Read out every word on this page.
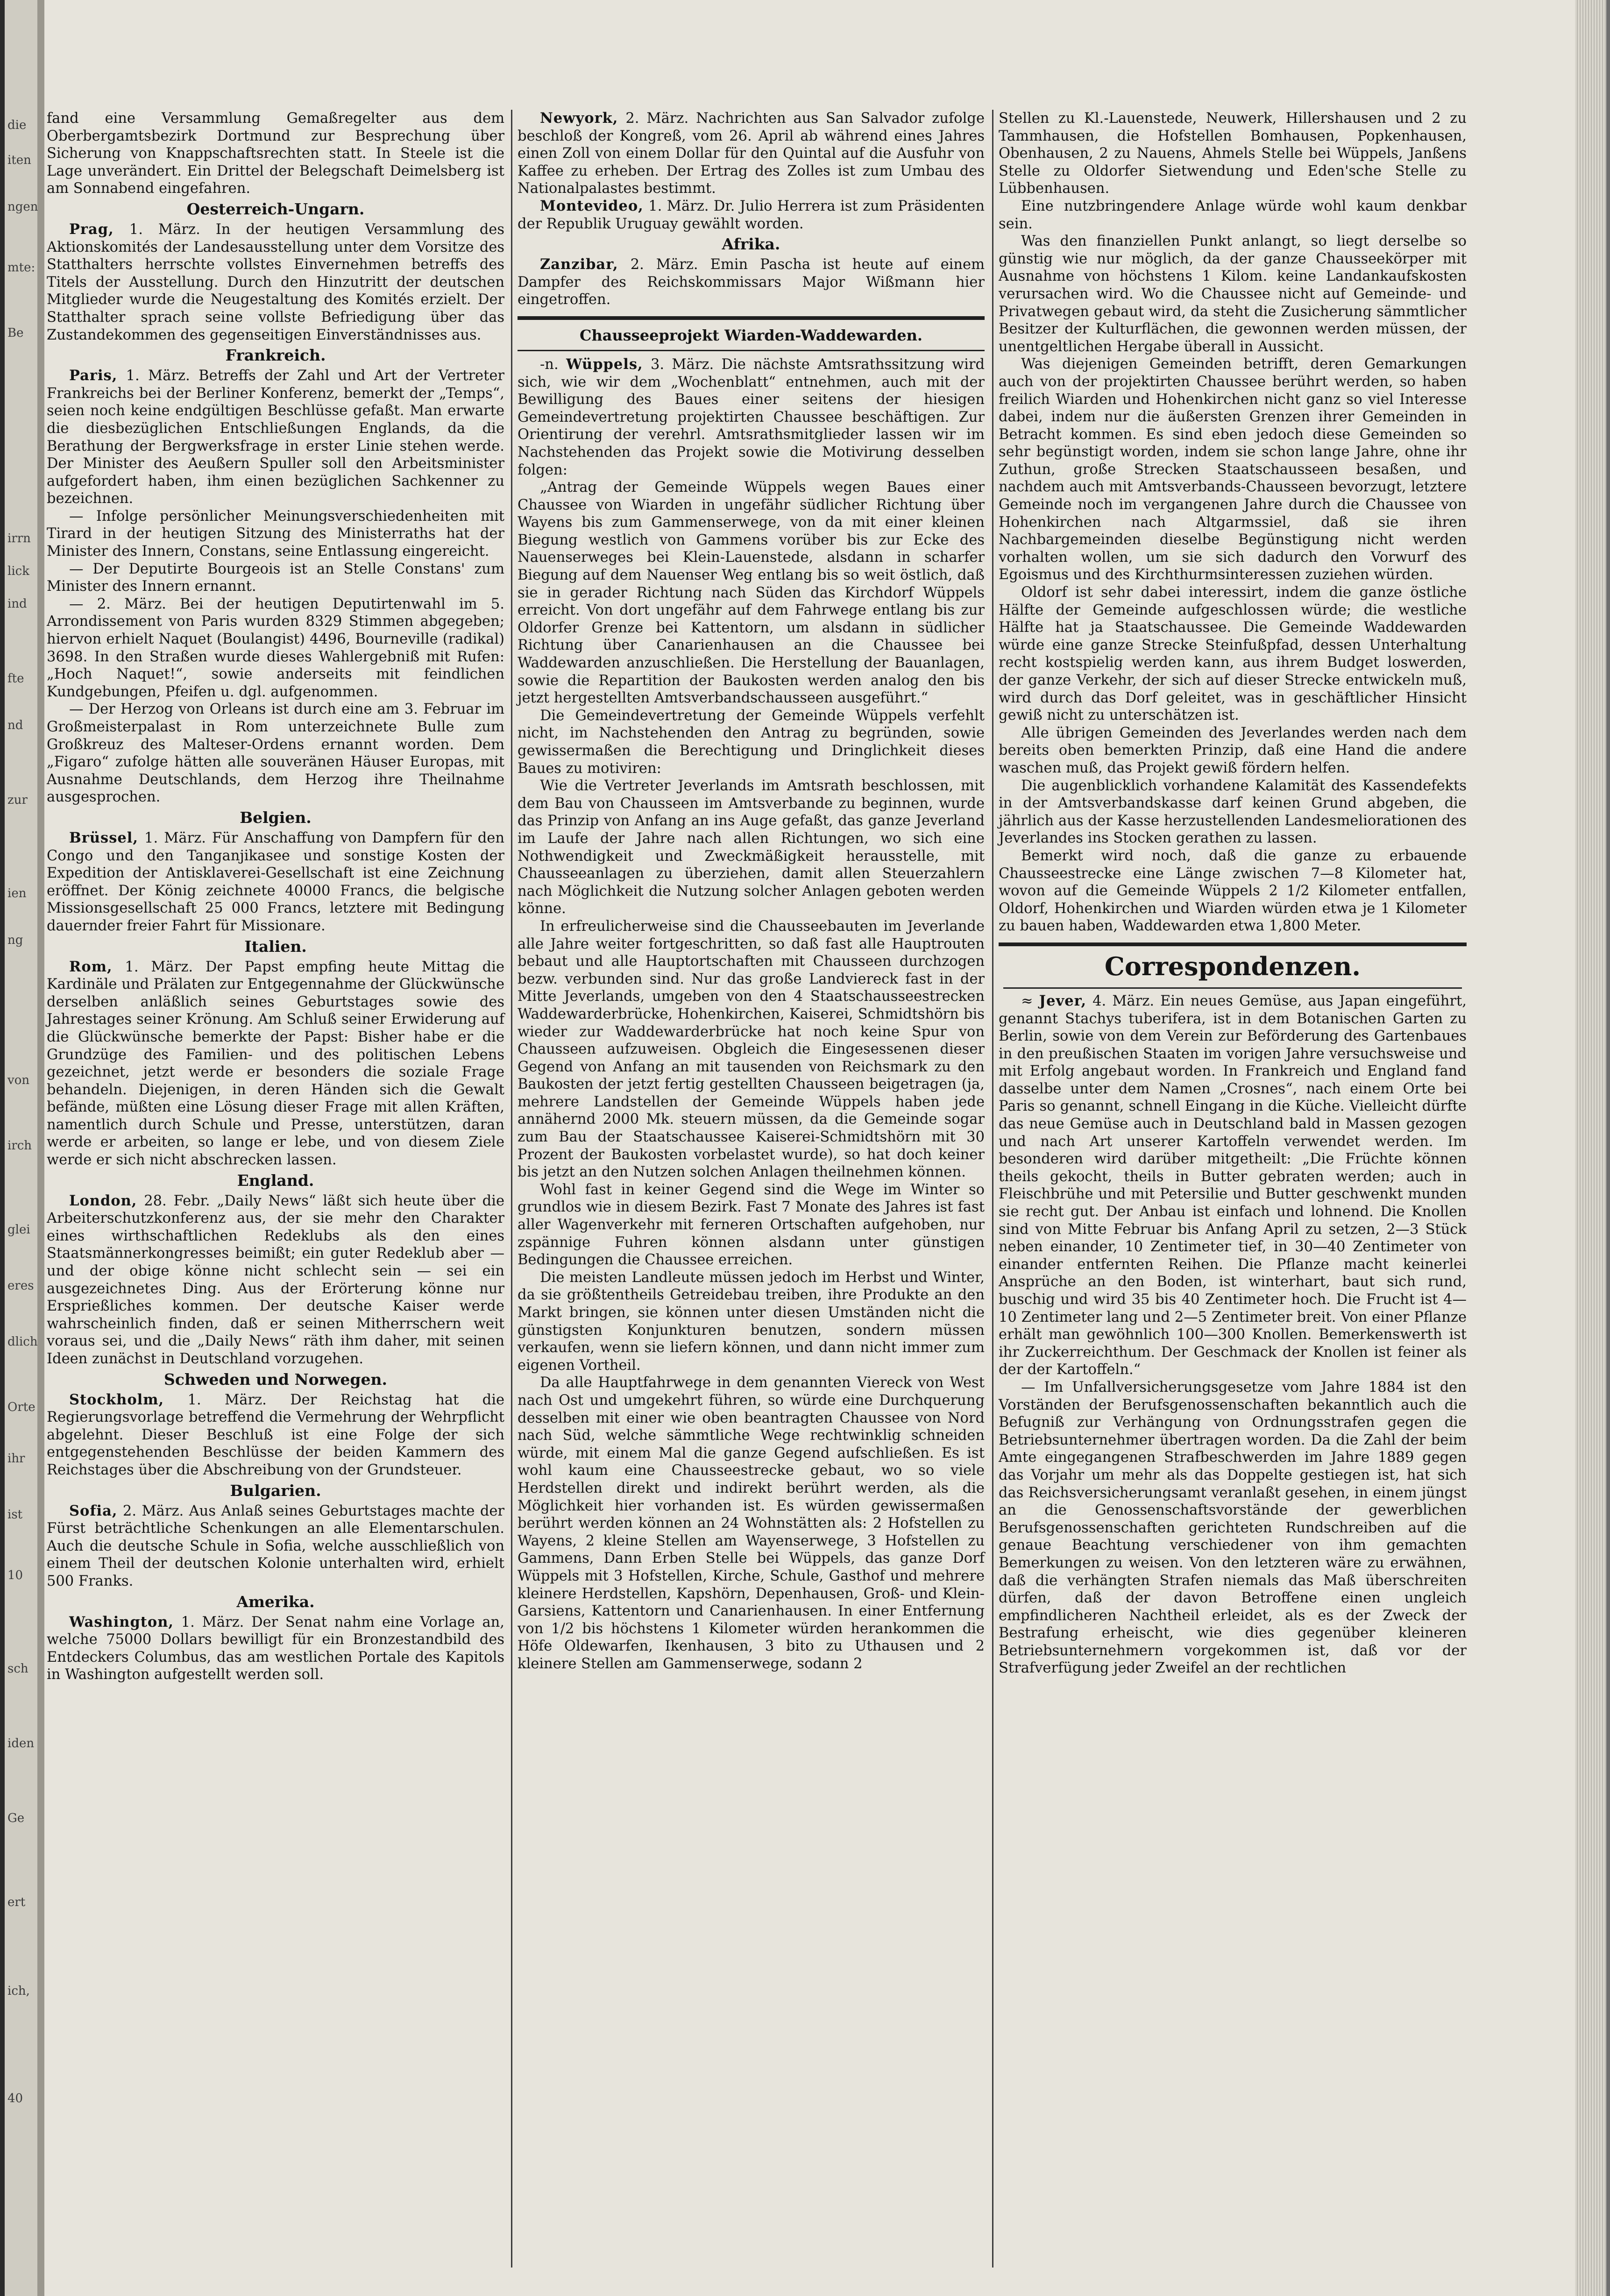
die
iten
ngen
mte:
Be
irrn
lick
ind
fte
nd
zur
ien
ng
von
irch
glei
eres
dlich
Orte
ihr
ist
10
sch
iden
Ge
ert
ich,
40

fand eine Versammlung Gemaßregelter aus dem Oberbergamtsbezirk Dortmund zur Besprechung über Sicherung von Knappschaftsrechten statt. In Steele ist die Lage unverändert. Ein Drittel der Belegschaft Deimelsberg ist am Sonnabend eingefahren.

Oesterreich-Ungarn.

Prag, 1. März. In der heutigen Versammlung des Aktionskomités der Landesausstellung unter dem Vorsitze des Statthalters herrschte vollstes Einvernehmen betreffs des Titels der Ausstellung. Durch den Hinzutritt der deutschen Mitglieder wurde die Neugestaltung des Komités erzielt. Der Statthalter sprach seine vollste Befriedigung über das Zustandekommen des gegenseitigen Einverständnisses aus.

Frankreich.

Paris, 1. März. Betreffs der Zahl und Art der Vertreter Frankreichs bei der Berliner Konferenz, bemerkt der „Temps“, seien noch keine endgültigen Beschlüsse gefaßt. Man erwarte die diesbezüglichen Entschließungen Englands, da die Berathung der Bergwerksfrage in erster Linie stehen werde. Der Minister des Aeußern Spuller soll den Arbeitsminister aufgefordert haben, ihm einen bezüglichen Sachkenner zu bezeichnen.

— Infolge persönlicher Meinungsverschiedenheiten mit Tirard in der heutigen Sitzung des Ministerraths hat der Minister des Innern, Constans, seine Entlassung eingereicht.

— Der Deputirte Bourgeois ist an Stelle Constans' zum Minister des Innern ernannt.

— 2. März. Bei der heutigen Deputirtenwahl im 5. Arrondissement von Paris wurden 8329 Stimmen abgegeben; hiervon erhielt Naquet (Boulangist) 4496, Bourneville (radikal) 3698. In den Straßen wurde dieses Wahlergebniß mit Rufen: „Hoch Naquet!“, sowie anderseits mit feindlichen Kundgebungen, Pfeifen u. dgl. aufgenommen.

— Der Herzog von Orleans ist durch eine am 3. Februar im Großmeisterpalast in Rom unterzeichnete Bulle zum Großkreuz des Malteser-Ordens ernannt worden. Dem „Figaro“ zufolge hätten alle souveränen Häuser Europas, mit Ausnahme Deutschlands, dem Herzog ihre Theilnahme ausgesprochen.

Belgien.

Brüssel, 1. März. Für Anschaffung von Dampfern für den Congo und den Tanganjikasee und sonstige Kosten der Expedition der Antisklaverei-Gesellschaft ist eine Zeichnung eröffnet. Der König zeichnete 40000 Francs, die belgische Missionsgesellschaft 25 000 Francs, letztere mit Bedingung dauernder freier Fahrt für Missionare.

Italien.

Rom, 1. März. Der Papst empfing heute Mittag die Kardinäle und Prälaten zur Entgegennahme der Glückwünsche derselben anläßlich seines Geburtstages sowie des Jahrestages seiner Krönung. Am Schluß seiner Erwiderung auf die Glückwünsche bemerkte der Papst: Bisher habe er die Grundzüge des Familien- und des politischen Lebens gezeichnet, jetzt werde er besonders die soziale Frage behandeln. Diejenigen, in deren Händen sich die Gewalt befände, müßten eine Lösung dieser Frage mit allen Kräften, namentlich durch Schule und Presse, unterstützen, daran werde er arbeiten, so lange er lebe, und von diesem Ziele werde er sich nicht abschrecken lassen.

England.

London, 28. Febr. „Daily News“ läßt sich heute über die Arbeiterschutzkonferenz aus, der sie mehr den Charakter eines wirthschaftlichen Redeklubs als den eines Staatsmännerkongresses beimißt; ein guter Redeklub aber — und der obige könne nicht schlecht sein — sei ein ausgezeichnetes Ding. Aus der Erörterung könne nur Ersprießliches kommen. Der deutsche Kaiser werde wahrscheinlich finden, daß er seinen Mitherrschern weit voraus sei, und die „Daily News“ räth ihm daher, mit seinen Ideen zunächst in Deutschland vorzugehen.

Schweden und Norwegen.

Stockholm, 1. März. Der Reichstag hat die Regierungsvorlage betreffend die Vermehrung der Wehrpflicht abgelehnt. Dieser Beschluß ist eine Folge der sich entgegenstehenden Beschlüsse der beiden Kammern des Reichstages über die Abschreibung von der Grundsteuer.

Bulgarien.

Sofia, 2. März. Aus Anlaß seines Geburtstages machte der Fürst beträchtliche Schenkungen an alle Elementarschulen. Auch die deutsche Schule in Sofia, welche ausschließlich von einem Theil der deutschen Kolonie unterhalten wird, erhielt 500 Franks.

Amerika.

Washington, 1. März. Der Senat nahm eine Vorlage an, welche 75000 Dollars bewilligt für ein Bronzestandbild des Entdeckers Columbus, das am westlichen Portale des Kapitols in Washington aufgestellt werden soll.

Newyork, 2. März. Nachrichten aus San Salvador zufolge beschloß der Kongreß, vom 26. April ab während eines Jahres einen Zoll von einem Dollar für den Quintal auf die Ausfuhr von Kaffee zu erheben. Der Ertrag des Zolles ist zum Umbau des Nationalpalastes bestimmt.

Montevideo, 1. März. Dr. Julio Herrera ist zum Präsidenten der Republik Uruguay gewählt worden.

Afrika.

Zanzibar, 2. März. Emin Pascha ist heute auf einem Dampfer des Reichskommissars Major Wißmann hier eingetroffen.

Chausseeprojekt Wiarden-Waddewarden.

-n. Wüppels, 3. März. Die nächste Amtsrathssitzung wird sich, wie wir dem „Wochenblatt“ entnehmen, auch mit der Bewilligung des Baues einer seitens der hiesigen Gemeindevertretung projektirten Chaussee beschäftigen. Zur Orientirung der verehrl. Amtsrathsmitglieder lassen wir im Nachstehenden das Projekt sowie die Motivirung desselben folgen:

„Antrag der Gemeinde Wüppels wegen Baues einer Chaussee von Wiarden in ungefähr südlicher Richtung über Wayens bis zum Gammenserwege, von da mit einer kleinen Biegung westlich von Gammens vorüber bis zur Ecke des Nauenserweges bei Klein-Lauenstede, alsdann in scharfer Biegung auf dem Nauenser Weg entlang bis so weit östlich, daß sie in gerader Richtung nach Süden das Kirchdorf Wüppels erreicht. Von dort ungefähr auf dem Fahrwege entlang bis zur Oldorfer Grenze bei Kattentorn, um alsdann in südlicher Richtung über Canarienhausen an die Chaussee bei Waddewarden anzuschließen. Die Herstellung der Bauanlagen, sowie die Repartition der Baukosten werden analog den bis jetzt hergestellten Amtsverbandschausseen ausgeführt.“

Die Gemeindevertretung der Gemeinde Wüppels verfehlt nicht, im Nachstehenden den Antrag zu begründen, sowie gewissermaßen die Berechtigung und Dringlichkeit dieses Baues zu motiviren:

Wie die Vertreter Jeverlands im Amtsrath beschlossen, mit dem Bau von Chausseen im Amtsverbande zu beginnen, wurde das Prinzip von Anfang an ins Auge gefaßt, das ganze Jeverland im Laufe der Jahre nach allen Richtungen, wo sich eine Nothwendigkeit und Zweckmäßigkeit herausstelle, mit Chausseeanlagen zu überziehen, damit allen Steuerzahlern nach Möglichkeit die Nutzung solcher Anlagen geboten werden könne.

In erfreulicherweise sind die Chausseebauten im Jeverlande alle Jahre weiter fortgeschritten, so daß fast alle Hauptrouten bebaut und alle Hauptortschaften mit Chausseen durchzogen bezw. verbunden sind. Nur das große Landviereck fast in der Mitte Jeverlands, umgeben von den 4 Staatschausseestrecken Waddewarderbrücke, Hohenkirchen, Kaiserei, Schmidtshörn bis wieder zur Waddewarderbrücke hat noch keine Spur von Chausseen aufzuweisen. Obgleich die Eingesessenen dieser Gegend von Anfang an mit tausenden von Reichsmark zu den Baukosten der jetzt fertig gestellten Chausseen beigetragen (ja, mehrere Landstellen der Gemeinde Wüppels haben jede annähernd 2000 Mk. steuern müssen, da die Gemeinde sogar zum Bau der Staatschaussee Kaiserei-Schmidtshörn mit 30 Prozent der Baukosten vorbelastet wurde), so hat doch keiner bis jetzt an den Nutzen solchen Anlagen theilnehmen können.

Wohl fast in keiner Gegend sind die Wege im Winter so grundlos wie in diesem Bezirk. Fast 7 Monate des Jahres ist fast aller Wagenverkehr mit ferneren Ortschaften aufgehoben, nur zspännige Fuhren können alsdann unter günstigen Bedingungen die Chaussee erreichen.

Die meisten Landleute müssen jedoch im Herbst und Winter, da sie größtentheils Getreidebau treiben, ihre Produkte an den Markt bringen, sie können unter diesen Umständen nicht die günstigsten Konjunkturen benutzen, sondern müssen verkaufen, wenn sie liefern können, und dann nicht immer zum eigenen Vortheil.

Da alle Hauptfahrwege in dem genannten Viereck von West nach Ost und umgekehrt führen, so würde eine Durchquerung desselben mit einer wie oben beantragten Chaussee von Nord nach Süd, welche sämmtliche Wege rechtwinklig schneiden würde, mit einem Mal die ganze Gegend aufschließen. Es ist wohl kaum eine Chausseestrecke gebaut, wo so viele Herdstellen direkt und indirekt berührt werden, als die Möglichkeit hier vorhanden ist. Es würden gewissermaßen berührt werden können an 24 Wohnstätten als: 2 Hofstellen zu Wayens, 2 kleine Stellen am Wayenserwege, 3 Hofstellen zu Gammens, Dann Erben Stelle bei Wüppels, das ganze Dorf Wüppels mit 3 Hofstellen, Kirche, Schule, Gasthof und mehrere kleinere Herdstellen, Kapshörn, Depenhausen, Groß- und Klein-Garsiens, Kattentorn und Canarienhausen. In einer Entfernung von 1/2 bis höchstens 1 Kilometer würden herankommen die Höfe Oldewarfen, Ikenhausen, 3 bito zu Uthausen und 2 kleinere Stellen am Gammenserwege, sodann 2

Stellen zu Kl.-Lauenstede, Neuwerk, Hillershausen und 2 zu Tammhausen, die Hofstellen Bomhausen, Popkenhausen, Obenhausen, 2 zu Nauens, Ahmels Stelle bei Wüppels, Janßens Stelle zu Oldorfer Sietwendung und Eden'sche Stelle zu Lübbenhausen.

Eine nutzbringendere Anlage würde wohl kaum denkbar sein.

Was den finanziellen Punkt anlangt, so liegt derselbe so günstig wie nur möglich, da der ganze Chausseekörper mit Ausnahme von höchstens 1 Kilom. keine Landankaufskosten verursachen wird. Wo die Chaussee nicht auf Gemeinde- und Privatwegen gebaut wird, da steht die Zusicherung sämmtlicher Besitzer der Kulturflächen, die gewonnen werden müssen, der unentgeltlichen Hergabe überall in Aussicht.

Was diejenigen Gemeinden betrifft, deren Gemarkungen auch von der projektirten Chaussee berührt werden, so haben freilich Wiarden und Hohenkirchen nicht ganz so viel Interesse dabei, indem nur die äußersten Grenzen ihrer Gemeinden in Betracht kommen. Es sind eben jedoch diese Gemeinden so sehr begünstigt worden, indem sie schon lange Jahre, ohne ihr Zuthun, große Strecken Staatschausseen besaßen, und nachdem auch mit Amtsverbands-Chausseen bevorzugt, letztere Gemeinde noch im vergangenen Jahre durch die Chaussee von Hohenkirchen nach Altgarmssiel, daß sie ihren Nachbargemeinden dieselbe Begünstigung nicht werden vorhalten wollen, um sie sich dadurch den Vorwurf des Egoismus und des Kirchthurmsinteressen zuziehen würden.

Oldorf ist sehr dabei interessirt, indem die ganze östliche Hälfte der Gemeinde aufgeschlossen würde; die westliche Hälfte hat ja Staatschaussee. Die Gemeinde Waddewarden würde eine ganze Strecke Steinfußpfad, dessen Unterhaltung recht kostspielig werden kann, aus ihrem Budget loswerden, der ganze Verkehr, der sich auf dieser Strecke entwickeln muß, wird durch das Dorf geleitet, was in geschäftlicher Hinsicht gewiß nicht zu unterschätzen ist.

Alle übrigen Gemeinden des Jeverlandes werden nach dem bereits oben bemerkten Prinzip, daß eine Hand die andere waschen muß, das Projekt gewiß fördern helfen.

Die augenblicklich vorhandene Kalamität des Kassendefekts in der Amtsverbandskasse darf keinen Grund abgeben, die jährlich aus der Kasse herzustellenden Landesmeliorationen des Jeverlandes ins Stocken gerathen zu lassen.

Bemerkt wird noch, daß die ganze zu erbauende Chausseestrecke eine Länge zwischen 7—8 Kilometer hat, wovon auf die Gemeinde Wüppels 2 1/2 Kilometer entfallen, Oldorf, Hohenkirchen und Wiarden würden etwa je 1 Kilometer zu bauen haben, Waddewarden etwa 1,800 Meter.

Correspondenzen.

≈ Jever, 4. März. Ein neues Gemüse, aus Japan eingeführt, genannt Stachys tuberifera, ist in dem Botanischen Garten zu Berlin, sowie von dem Verein zur Beförderung des Gartenbaues in den preußischen Staaten im vorigen Jahre versuchsweise und mit Erfolg angebaut worden. In Frankreich und England fand dasselbe unter dem Namen „Crosnes“, nach einem Orte bei Paris so genannt, schnell Eingang in die Küche. Vielleicht dürfte das neue Gemüse auch in Deutschland bald in Massen gezogen und nach Art unserer Kartoffeln verwendet werden. Im besonderen wird darüber mitgetheilt: „Die Früchte können theils gekocht, theils in Butter gebraten werden; auch in Fleischbrühe und mit Petersilie und Butter geschwenkt munden sie recht gut. Der Anbau ist einfach und lohnend. Die Knollen sind von Mitte Februar bis Anfang April zu setzen, 2—3 Stück neben einander, 10 Zentimeter tief, in 30—40 Zentimeter von einander entfernten Reihen. Die Pflanze macht keinerlei Ansprüche an den Boden, ist winterhart, baut sich rund, buschig und wird 35 bis 40 Zentimeter hoch. Die Frucht ist 4—10 Zentimeter lang und 2—5 Zentimeter breit. Von einer Pflanze erhält man gewöhnlich 100—300 Knollen. Bemerkenswerth ist ihr Zuckerreichthum. Der Geschmack der Knollen ist feiner als der der Kartoffeln.“

— Im Unfallversicherungsgesetze vom Jahre 1884 ist den Vorständen der Berufsgenossenschaften bekanntlich auch die Befugniß zur Verhängung von Ordnungsstrafen gegen die Betriebsunternehmer übertragen worden. Da die Zahl der beim Amte eingegangenen Strafbeschwerden im Jahre 1889 gegen das Vorjahr um mehr als das Doppelte gestiegen ist, hat sich das Reichsversicherungsamt veranlaßt gesehen, in einem jüngst an die Genossenschaftsvorstände der gewerblichen Berufsgenossenschaften gerichteten Rundschreiben auf die genaue Beachtung verschiedener von ihm gemachten Bemerkungen zu weisen. Von den letzteren wäre zu erwähnen, daß die verhängten Strafen niemals das Maß überschreiten dürfen, daß der davon Betroffene einen ungleich empfindlicheren Nachtheil erleidet, als es der Zweck der Bestrafung erheischt, wie dies gegenüber kleineren Betriebsunternehmern vorgekommen ist, daß vor der Strafverfügung jeder Zweifel an der rechtlichen
